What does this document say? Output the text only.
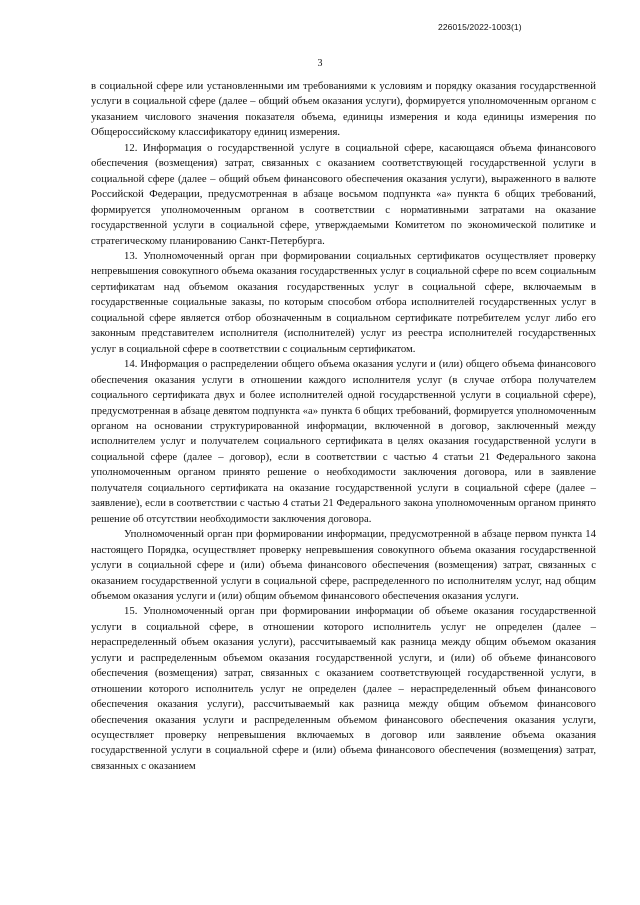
226015/2022-1003(1)
3

в социальной сфере или установленными им требованиями к условиям и порядку оказания государственной услуги в социальной сфере (далее – общий объем оказания услуги), формируется уполномоченным органом с указанием числового значения показателя объема, единицы измерения и кода единицы измерения по Общероссийскому классификатору единиц измерения.

12. Информация о государственной услуге в социальной сфере, касающаяся объема финансового обеспечения (возмещения) затрат, связанных с оказанием соответствующей государственной услуги в социальной сфере (далее – общий объем финансового обеспечения оказания услуги), выраженного в валюте Российской Федерации, предусмотренная в абзаце восьмом подпункта «а» пункта 6 общих требований, формируется уполномоченным органом в соответствии с нормативными затратами на оказание государственной услуги в социальной сфере, утверждаемыми Комитетом по экономической политике и стратегическому планированию Санкт-Петербурга.

13. Уполномоченный орган при формировании социальных сертификатов осуществляет проверку непревышения совокупного объема оказания государственных услуг в социальной сфере по всем социальным сертификатам над объемом оказания государственных услуг в социальной сфере, включаемым в государственные социальные заказы, по которым способом отбора исполнителей государственных услуг в социальной сфере является отбор обозначенным в социальном сертификате потребителем услуг либо его законным представителем исполнителя (исполнителей) услуг из реестра исполнителей государственных услуг в социальной сфере в соответствии с социальным сертификатом.

14. Информация о распределении общего объема оказания услуги и (или) общего объема финансового обеспечения оказания услуги в отношении каждого исполнителя услуг (в случае отбора получателем социального сертификата двух и более исполнителей одной государственной услуги в социальной сфере), предусмотренная в абзаце девятом подпункта «а» пункта 6 общих требований, формируется уполномоченным органом на основании структурированной информации, включенной в договор, заключенный между исполнителем услуг и получателем социального сертификата в целях оказания государственной услуги в социальной сфере (далее – договор), если в соответствии с частью 4 статьи 21 Федерального закона уполномоченным органом принято решение о необходимости заключения договора, или в заявление получателя социального сертификата на оказание государственной услуги в социальной сфере (далее – заявление), если в соответствии с частью 4 статьи 21 Федерального закона уполномоченным органом принято решение об отсутствии необходимости заключения договора.

Уполномоченный орган при формировании информации, предусмотренной в абзаце первом пункта 14 настоящего Порядка, осуществляет проверку непревышения совокупного объема оказания государственной услуги в социальной сфере и (или) объема финансового обеспечения (возмещения) затрат, связанных с оказанием государственной услуги в социальной сфере, распределенного по исполнителям услуг, над общим объемом оказания услуги и (или) общим объемом финансового обеспечения оказания услуги.

15. Уполномоченный орган при формировании информации об объеме оказания государственной услуги в социальной сфере, в отношении которого исполнитель услуг не определен (далее – нераспределенный объем оказания услуги), рассчитываемый как разница между общим объемом оказания услуги и распределенным объемом оказания государственной услуги, и (или) об объеме финансового обеспечения (возмещения) затрат, связанных с оказанием соответствующей государственной услуги, в отношении которого исполнитель услуг не определен (далее – нераспределенный объем финансового обеспечения оказания услуги), рассчитываемый как разница между общим объемом финансового обеспечения оказания услуги и распределенным объемом финансового обеспечения оказания услуги, осуществляет проверку непревышения включаемых в договор или заявление объема оказания государственной услуги в социальной сфере и (или) объема финансового обеспечения (возмещения) затрат, связанных с оказанием
